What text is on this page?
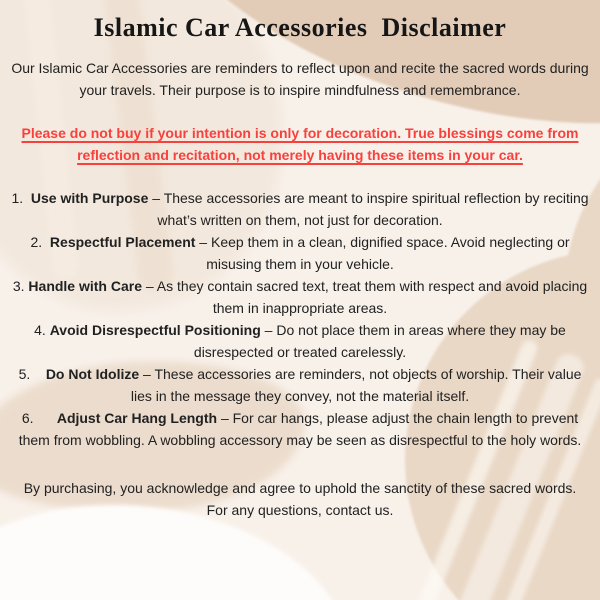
Islamic Car Accessories  Disclaimer

Our Islamic Car Accessories are reminders to reflect upon and recite the sacred words during your travels. Their purpose is to inspire mindfulness and remembrance.

Please do not buy if your intention is only for decoration. True blessings come from reflection and recitation, not merely having these items in your car.

1.  Use with Purpose – These accessories are meant to inspire spiritual reflection by reciting what’s written on them, not just for decoration.
2.  Respectful Placement – Keep them in a clean, dignified space. Avoid neglecting or misusing them in your vehicle.
3. Handle with Care – As they contain sacred text, treat them with respect and avoid placing them in inappropriate areas.
4. Avoid Disrespectful Positioning – Do not place them in areas where they may be disrespected or treated carelessly.
5.    Do Not Idolize – These accessories are reminders, not objects of worship. Their value lies in the message they convey, not the material itself.
6.      Adjust Car Hang Length – For car hangs, please adjust the chain length to prevent them from wobbling. A wobbling accessory may be seen as disrespectful to the holy words.

By purchasing, you acknowledge and agree to uphold the sanctity of these sacred words.

For any questions, contact us.
